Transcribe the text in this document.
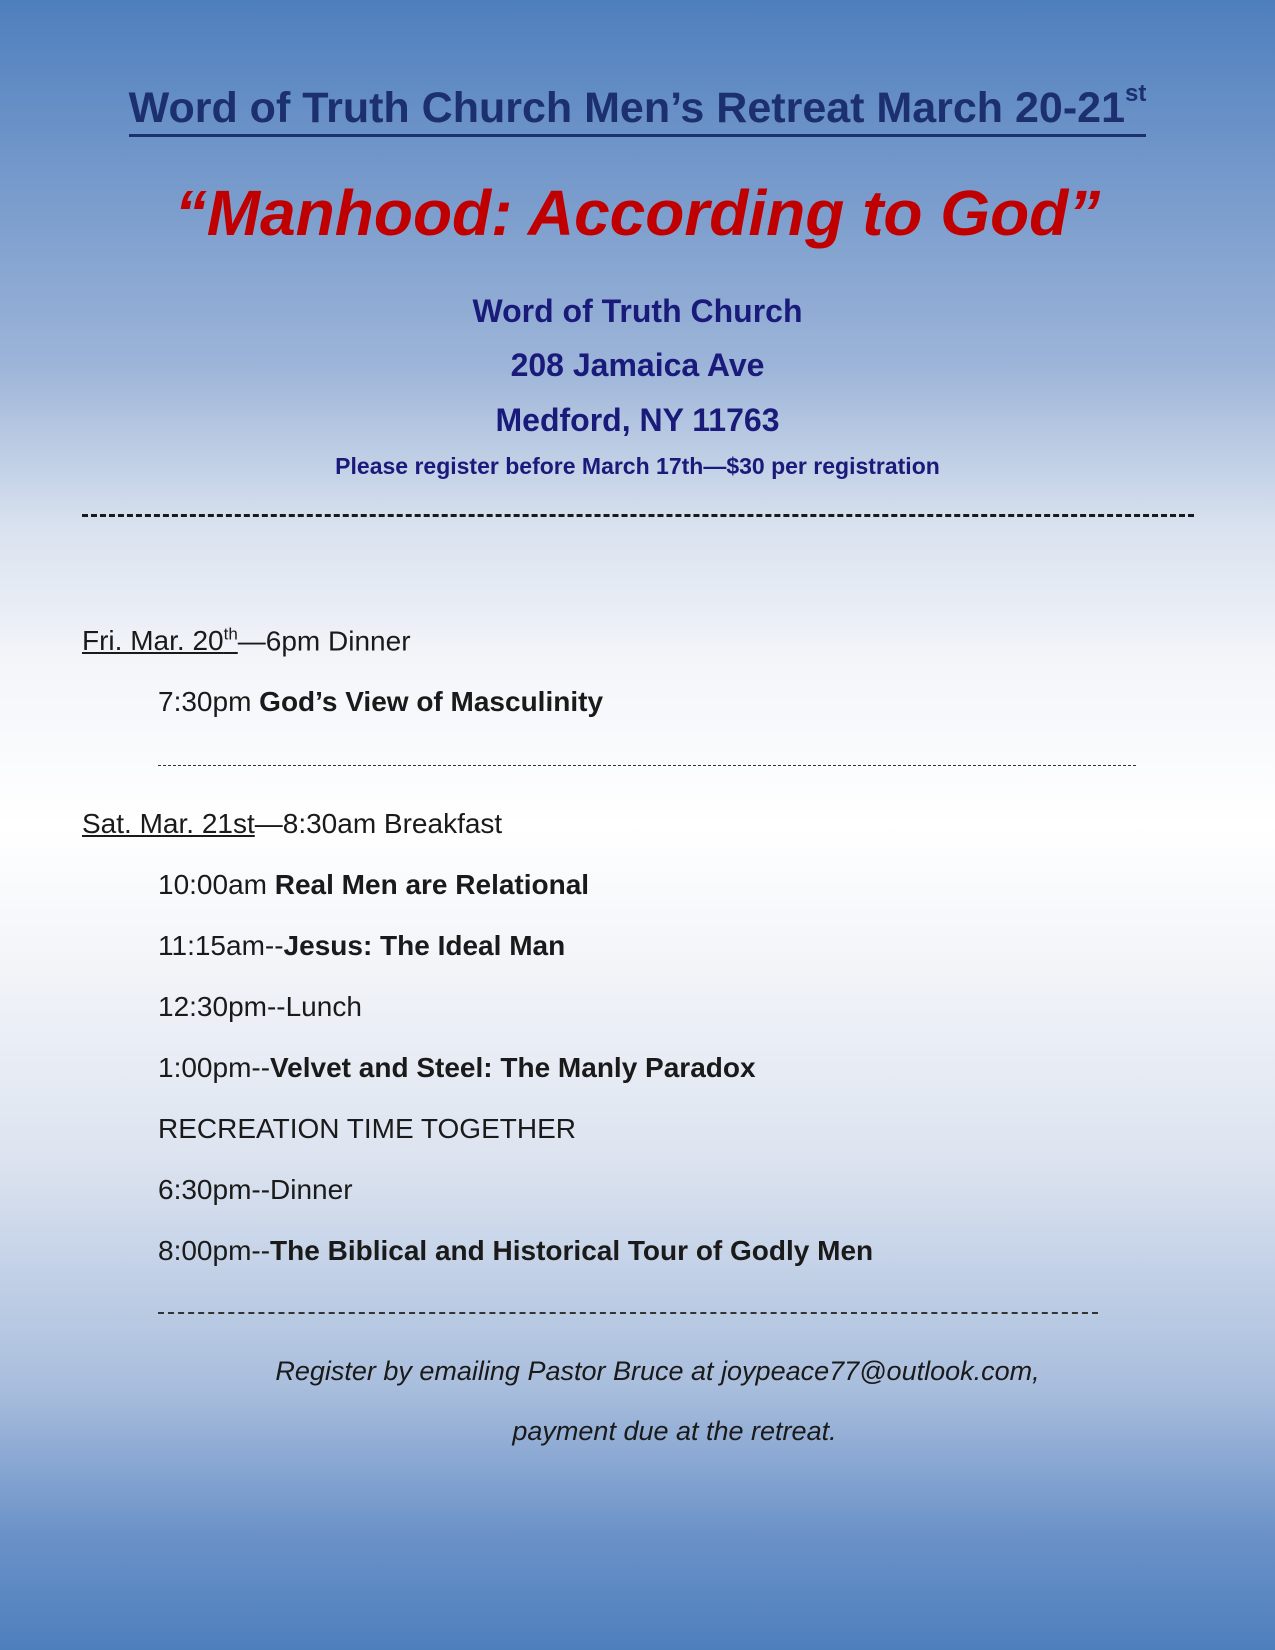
Word of Truth Church Men’s Retreat March 20-21st
“Manhood: According to God”
Word of Truth Church
208 Jamaica Ave
Medford, NY 11763
Please register before March 17th—$30 per registration
Fri. Mar. 20th—6pm Dinner
7:30pm God’s View of Masculinity
Sat. Mar. 21st—8:30am Breakfast
10:00am Real Men are Relational
11:15am--Jesus: The Ideal Man
12:30pm--Lunch
1:00pm--Velvet and Steel: The Manly Paradox
RECREATION TIME TOGETHER
6:30pm--Dinner
8:00pm--The Biblical and Historical Tour of Godly Men
Register by emailing Pastor Bruce at joypeace77@outlook.com,
payment due at the retreat.
